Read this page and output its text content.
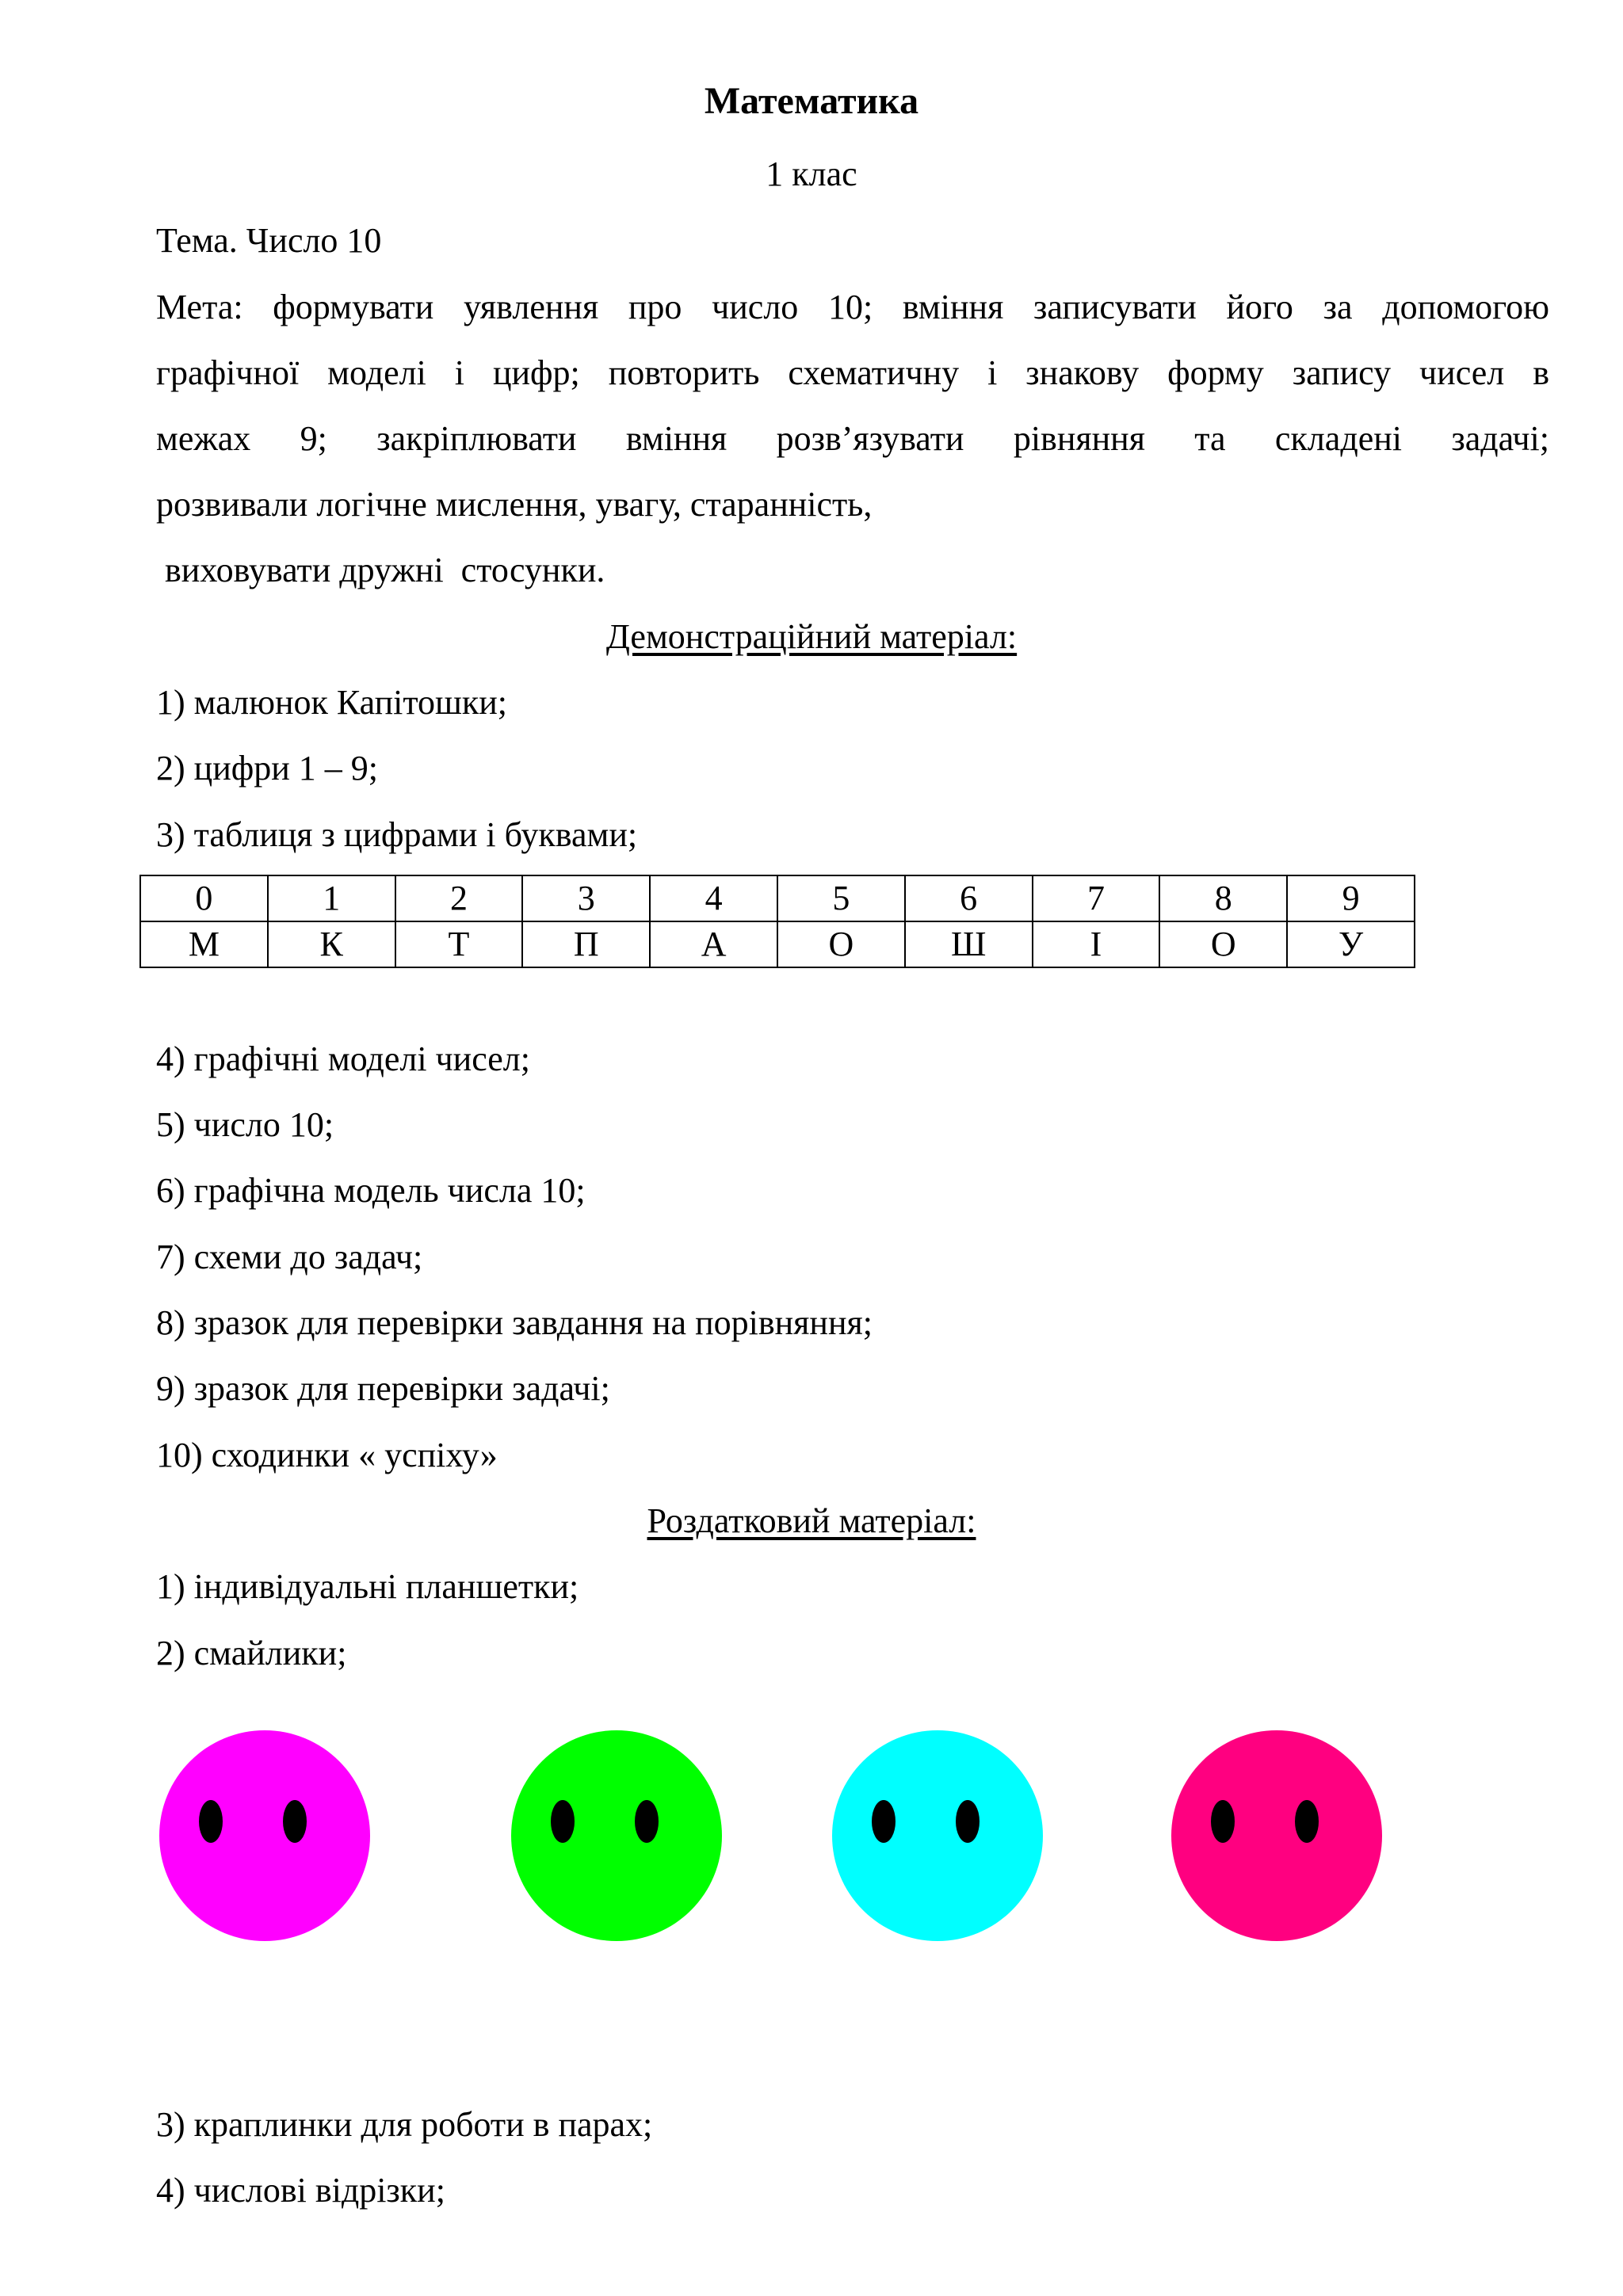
Математика
1 клас
Тема. Число 10
Мета: формувати уявлення про число 10; вміння записувати його за допомогою
графічної моделі і цифр; повторить схематичну і знакову форму запису чисел в
межах 9; закріплювати вміння розв’язувати рівняння та складені задачі;
розвивали логічне мислення, увагу, старанність,
виховувати дружні  стосунки.
Демонстраційний матеріал:
1) малюнок Капітошки;
2) цифри 1 – 9;
3) таблиця з цифрами і буквами;
0	1	2	3	4	5	6	7	8	9
М	К	Т	П	А	О	Ш	І	О	У
4) графічні моделі чисел;
5) число 10;
6) графічна модель числа 10;
7) схеми до задач;
8) зразок для перевірки завдання на порівняння;
9) зразок для перевірки задачі;
10) сходинки « успіху»
Роздатковий матеріал:
1) індивідуальні планшетки;
2) смайлики;
3) краплинки для роботи в парах;
4) числові відрізки;
